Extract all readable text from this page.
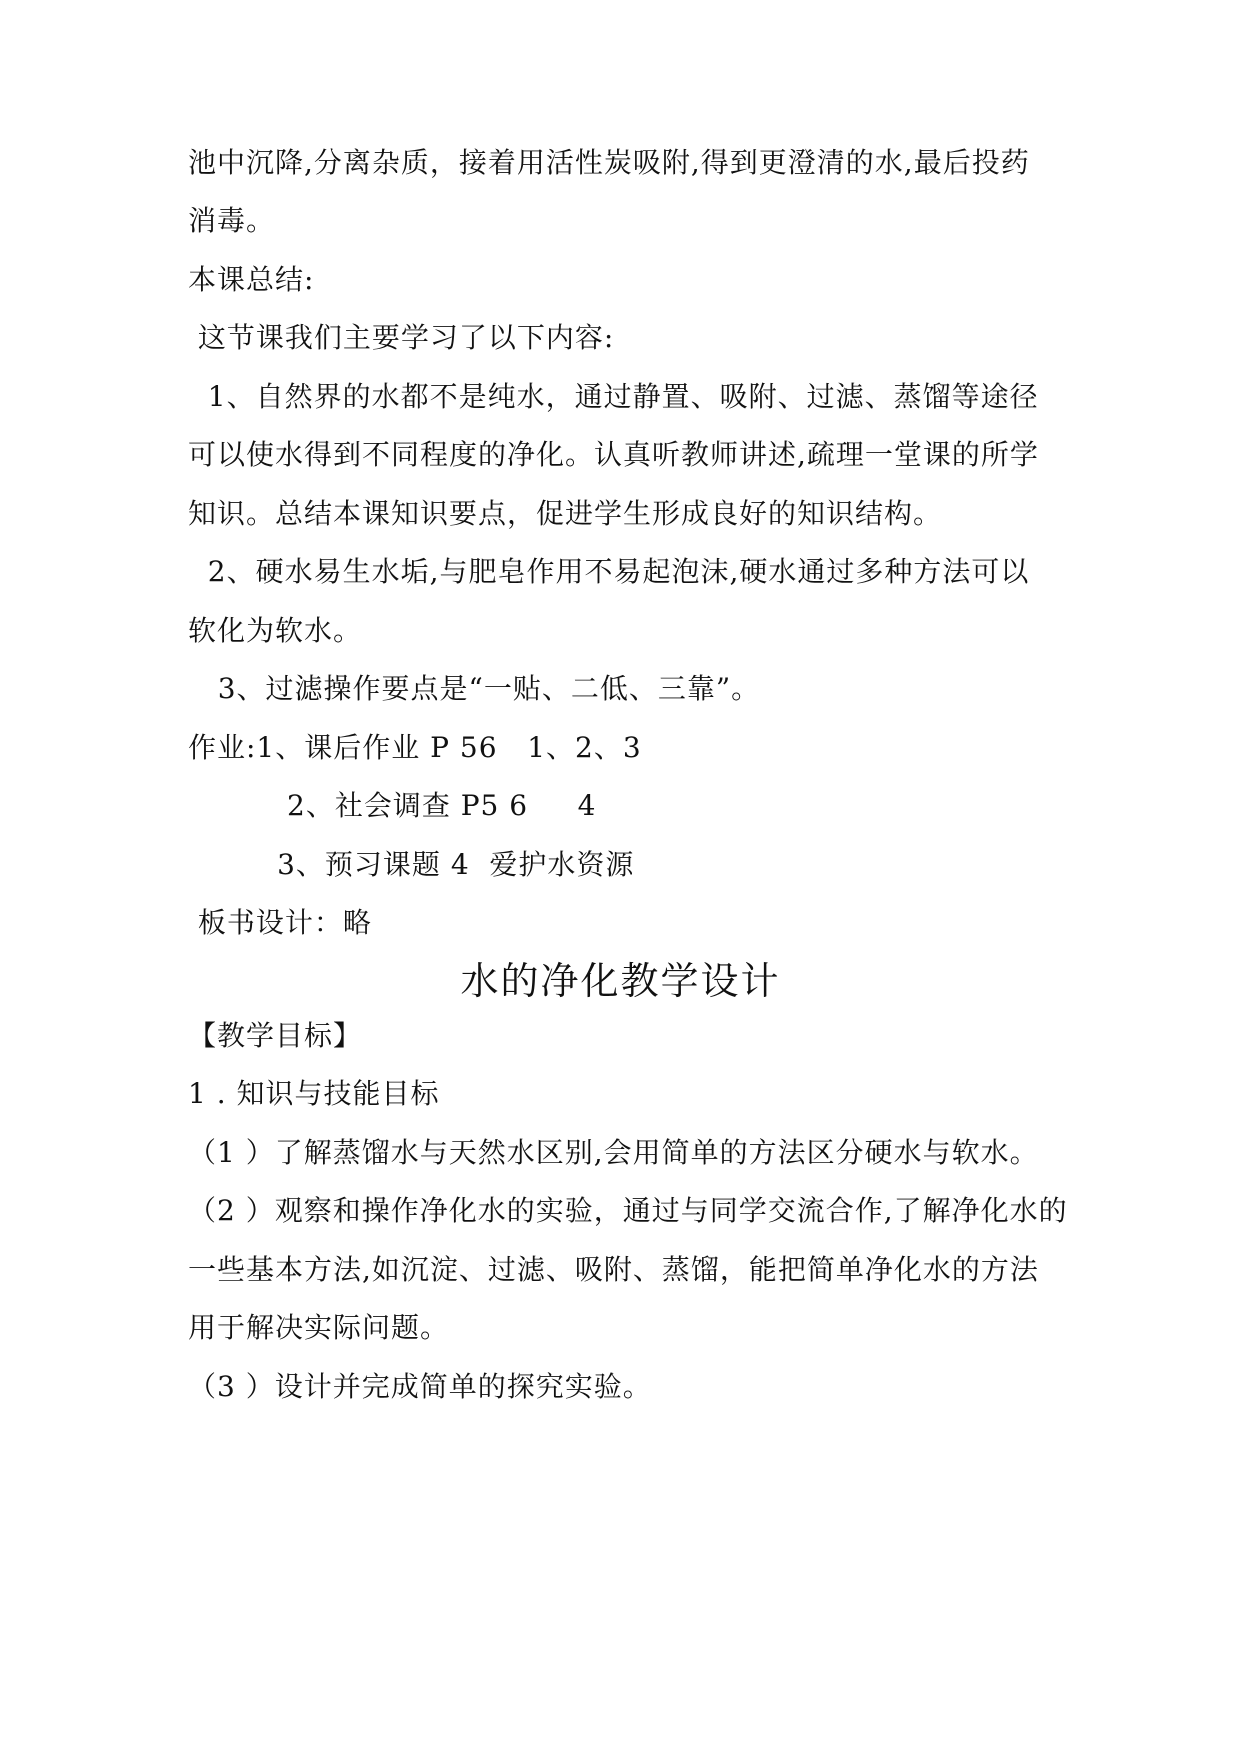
池中沉降,分离杂质，接着用活性炭吸附,得到更澄清的水,最后投药
消毒。
本课总结:
这节课我们主要学习了以下内容:
1、自然界的水都不是纯水，通过静置、吸附、过滤、蒸馏等途径
可以使水得到不同程度的净化。认真听教师讲述,疏理一堂课的所学
知识。总结本课知识要点，促进学生形成良好的知识结构。
2、硬水易生水垢,与肥皂作用不易起泡沫,硬水通过多种方法可以
软化为软水。
3、过滤操作要点是“一贴、二低、三靠”。
作业:1、课后作业 P 56   1、2、3
2、社会调查 P5 6     4
3、预习课题 4  爱护水资源
板书设计：略
水的净化教学设计
【教学目标】
1 . 知识与技能目标
（1 ）了解蒸馏水与天然水区别,会用简单的方法区分硬水与软水。
（2 ）观察和操作净化水的实验，通过与同学交流合作,了解净化水的
一些基本方法,如沉淀、过滤、吸附、蒸馏，能把简单净化水的方法
用于解决实际问题。
（3 ）设计并完成简单的探究实验。
